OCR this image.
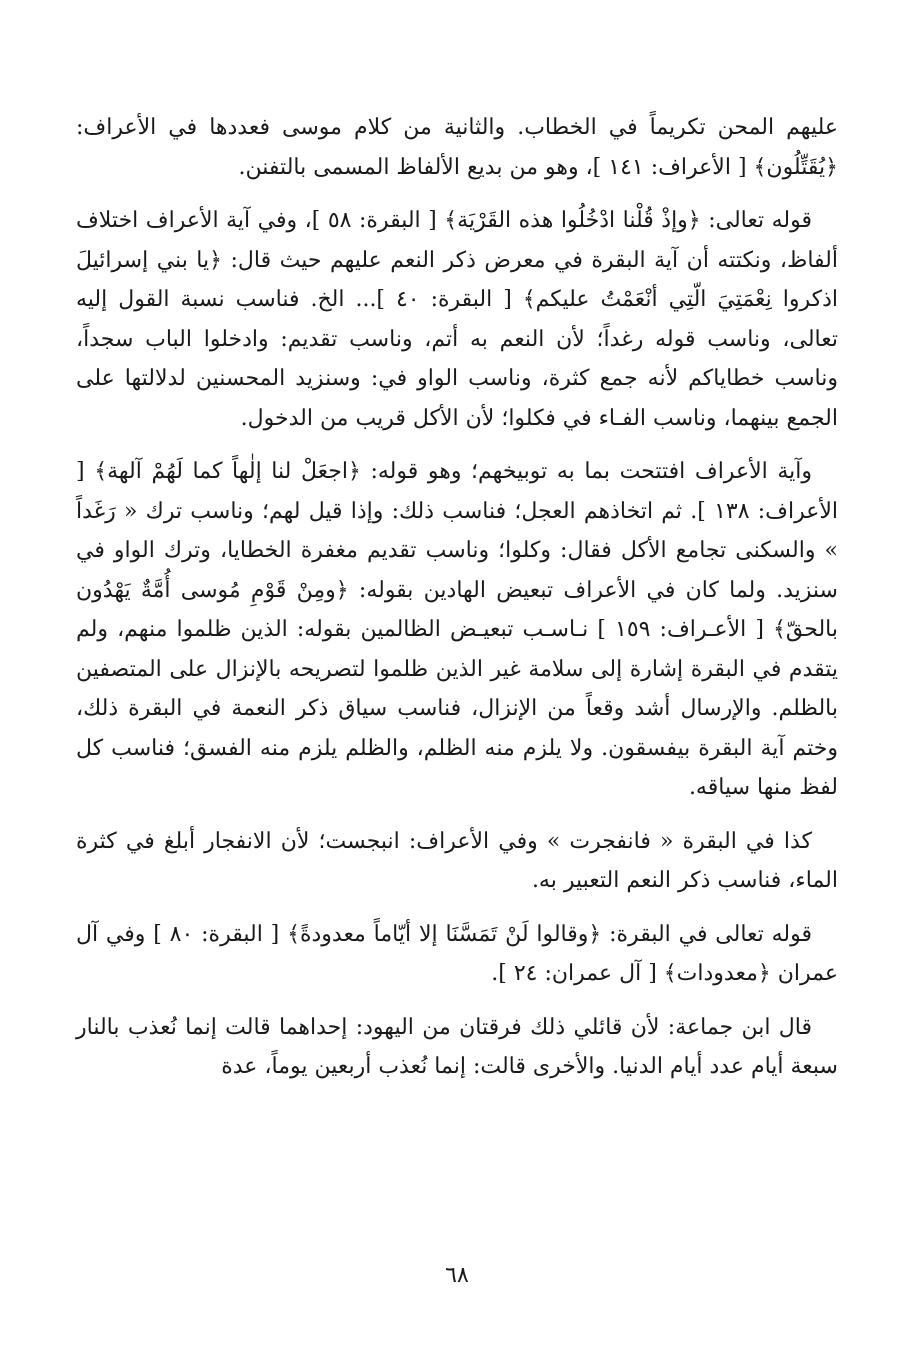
عليهم المحن تكريماً في الخطاب. والثانية من كلام موسى فعددها في الأعراف: ﴿يُقَتِّلُون﴾ [ الأعراف: ١٤١ ]، وهو من بديع الألفاظ المسمى بالتفنن.

قوله تعالى: ﴿وإذْ قُلْنا ادْخُلُوا هذه القَرْيَة﴾ [ البقرة: ٥٨ ]، وفي آية الأعراف اختلاف ألفاظ، ونكتته أن آية البقرة في معرض ذكر النعم عليهم حيث قال: ﴿يا بني إسرائيلَ اذكروا نِعْمَتِيَ الّتِي أنْعَمْتُ عليكم﴾ [ البقرة: ٤٠ ]... الخ. فناسب نسبة القول إليه تعالى، وناسب قوله رغداً؛ لأن النعم به أتم، وناسب تقديم: وادخلوا الباب سجداً، وناسب خطاياكم لأنه جمع كثرة، وناسب الواو في: وسنزيد المحسنين لدلالتها على الجمع بينهما، وناسب الفـاء في فكلوا؛ لأن الأكل قريب من الدخول.

وآية الأعراف افتتحت بما به توبيخهم؛ وهو قوله: ﴿اجعَلْ لنا إلٰهاً كما لَهُمْ آلهة﴾ [ الأعراف: ١٣٨ ]. ثم اتخاذهم العجل؛ فناسب ذلك: وإذا قيل لهم؛ وناسب ترك « رَغَداً » والسكنى تجامع الأكل فقال: وكلوا؛ وناسب تقديم مغفرة الخطايا، وترك الواو في سنزيد. ولما كان في الأعراف تبعيض الهادين بقوله: ﴿ومِنْ قَوْمِ مُوسى أُمَّةٌ يَهْدُون بالحقّ﴾ [ الأعـراف: ١٥٩ ] نـاسـب تبعيـض الظالمين بقوله: الذين ظلموا منهم، ولم يتقدم في البقرة إشارة إلى سلامة غير الذين ظلموا لتصريحه بالإنزال على المتصفين بالظلم. والإرسال أشد وقعاً من الإنزال، فناسب سياق ذكر النعمة في البقرة ذلك، وختم آية البقرة بيفسقون. ولا يلزم منه الظلم، والظلم يلزم منه الفسق؛ فناسب كل لفظ منها سياقه.

كذا في البقرة « فانفجرت » وفي الأعراف: انبجست؛ لأن الانفجار أبلغ في كثرة الماء، فناسب ذكر النعم التعبير به.

قوله تعالى في البقرة: ﴿وقالوا لَنْ تَمَسَّنَا إلا أيّاماً معدودةً﴾ [ البقرة: ٨٠ ] وفي آل عمران ﴿معدودات﴾ [ آل عمران: ٢٤ ].

قال ابن جماعة: لأن قائلي ذلك فرقتان من اليهود: إحداهما قالت إنما نُعذب بالنار سبعة أيام عدد أيام الدنيا. والأخرى قالت: إنما نُعذب أربعين يوماً، عدة

٦٨
